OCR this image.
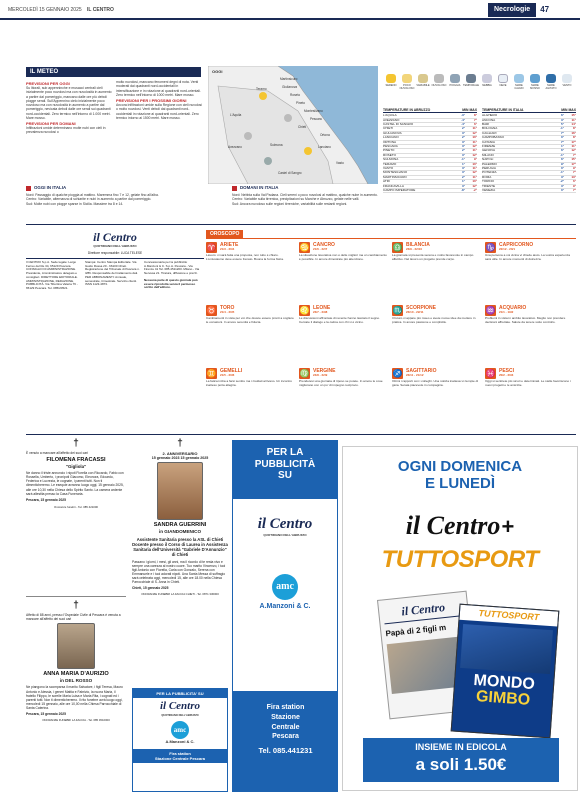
MERCOLEDÌ 15 GENNAIO 2025 IL CENTRO	Necrologie	47
IL METEO
PREVISIONI PER OGGI
Su litorali, sub appenninche e musacci centrali cieli inizialmente poco nuvolosi ma con nuvolosità in aumento a partire dal pomeriggio, mancano dalle ore più deboli piogge serali. Sull'Appennino cielo inizialmente poco nuvoloso ma con nuvolosità in aumento a partire dal pomeriggio, nevicata deboli dalle ore serali sui quadranti nord-occidentali. Zero termico nell'intorno di 1.000 metri. Mare mosso.
PREVISIONI PER DOMANI
Infiltrazioni umide determinano molte nubi con cieli in prevalenza nuvolosi o
molto nuvolosi, mancano fenomeni degni di nota. Venti moderati dai quadranti nord-occidentali in intensificazione e in rotazione ai quadranti nord-orientali. Zero termico nell'intorno di 1000 metri. Mare mosso.
PREVISIONI PER I PROSSIMI GIORNI
Ancora infiltrazioni umide sulla Regione con cieli nuvolosi o molto nuvolosi. Venti deboli dai quadranti nord-occidentali in rotazione ai quadranti nord-orientali. Zero termico intorno ai 1500 metri. Mare mosso.
OGGI
Martinsicuro
Giulianova
Teramo
Roseto
Pineto
Montesilvano
Pescara
Chieti
L'Aquila
Ortona
Sulmona	Lanciano
Vasto
Avezzano
Castel di Sangro
SERENO	POCO NUVOLOSO
VARIABILE NUVOLOSO PIOGGIA TEMPORALE NEBBIA	NEVE	MARE CALMO
MARE MOSSO
MARE AGITATO
VENTO
TEMPERATURE IN ABRUZZO	MIN MAX
L'AQUILA	-3°	8°
AVEZZANO	-4°	7°
CASTEL DI SANGRO	-4°	6°
CHIETI	2°	11°
GIULIANOVA	3°	12°
LANCIANO	2°	10°
ORTONA	3°	11°
PESCARA	3°	12°
PINETO	2°	11°
ROSETO	3°	12°
SULMONA	-1°	9°
TERAMO	1°	10°
VASTO	3°	11°
MONTESILVANO	3°	12°
MARTINSICURO	2°	11°
ATRI	1°	10°
FRANCAVILLA	3°	12°
CAMPO IMPERATORE	-8°	-2°
TEMPERATURE IN ITALIA	MIN MAX
ALGHERO	6°	15°
ANCONA	3°	11°
BARI	5°	14°
BOLOGNA	-1°	8°
CAGLIARI	7°	16°
CAMPOBASSO	0°	8°
CATANIA	7°	17°
FIRENZE	1°	11°
GENOVA	6°	12°
MILANO	-1°	7°
NAPOLI	6°	15°
PALERMO	9°	17°
PERUGIA	0°	9°
POTENZA	-1°	7°
ROMA	3°	13°
TORINO	-2°	6°
TRIESTE	3°	9°
VENEZIA	0°	7°
OGGI IN ITALIA
Nord: Passaggio di qualche pioggia al mattino. Maremma fino 7 e 12, gelate fino all'alba.
Centro: Variabile, alternanza di schiarite e nubi in aumento a partire dal pomeriggio.
Sud: Molte nubi con piogge sparse in Sicilia. Massime tra 8 e 14.
DOMANI IN ITALIA
Nord: Nebbia sulla Val Padana. Cieli sereni o poco nuvolosi al mattino, qualche nube in aumento.
Centro: Variabile sulla tirrenica, precipitazioni su Marche e Abruzzo, gelate nelle valli.
Sud: Ancora nuvoloso sulle regioni tirreniche, variabilità sulle restanti regioni.
il Centro
QUOTIDIANO DELL'ABRUZZO
Direttore responsabile: LUCA TELESE
Il CENTRO S.p.A. Sede legale: Largo Ferreo del Re 34, 65129 Pescara. CONSIGLIO DI AMMINISTRAZIONE. Presidente, Amministratore delegato e consiglieri. DIRETTORE EDITORIALE. AMMINISTRAZIONE, REDAZIONE, PUBBLICITÀ. Via Tiburtina Valeria 76 - 65129 Pescara. Tel. 085/20521.
Stampa: Centro Stampa Editoriale. Via Guido Rossa 20 - 66100 Chieti. Registrazione del Tribunale di Pescara n. 3/86. Responsabile del trattamento dati. PER ABBONAMENTI: Annuale, semestrale, trimestrale. Servizio clienti. ISSN 1123-4873.
Concessionaria per la pubblicità: A.Manzoni & C. S.p.A. Pescara - Via Firenze 41 Tel. 085.4511200. Milano - Via Nervesa 21. Tiratura, diffusione e prezzi.
Nessuna parte di questo giornale può essere riprodotta senza il permesso scritto dell'editore.
OROSCOPO
♈ ARIETE
21/3 - 20/4
Lavoro: vi sarà fatta una proposta, non tutto è chiaro. L'entusiasmo deve essere frenato. Buona la forma fisica.
♋ CANCRO
21/6 - 22/7
La situazione lavorativa non è delle migliori ma un cambiamento è possibile. In amore dimostrate più attenzione.
♎ BILANCIA
23/9 - 22/10
La giornata si presenta serena e molto favorevole in campo affettivo. Nel lavoro un progetto prende corpo.
♑ CAPRICORNO
22/12 - 20/1
Una persona a voi vicina vi chiede aiuto. La vostra esperienza sarà utile. In amore momenti di dolcezza.
♉ TORO
21/4 - 20/5
Cambiamenti in vista per voi che dovete essere pronti a cogliere le occasioni. In amore serenità e fiducia.
♌ LEONE
23/7 - 23/8
Le discussioni affrontate di recente hanno lasciato il segno. Cercate il dialogo e la calma con chi vi è vicino.
♏ SCORPIONE
23/10 - 22/11
Il futuro vi appare più roseo e avete nuove idee da mettere in pratica. In amore passione e complicità.
♒ ACQUARIO
21/1 - 19/2
Problemi in vista in ambito lavorativo. Meglio non prendere decisioni affrettate. Salute da tenere sotto controllo.
♊ GEMELLI
21/5 - 20/6
La fatica inizia a farsi sentire ma i risultati arrivano. Un incontro inatteso porta allegria.
♍ VERGINE
24/8 - 22/9
Prendetevi una giornata di riposo se potete. In amore le cose migliorano con un po' di impegno reciproco.
♐ SAGITTARIO
23/11 - 21/12
Ottimi i rapporti con i colleghi. Una notizia inattesa vi riempie di gioia. Serata piacevole in compagnia.
♓ PESCI
20/2 - 20/3
Oggi si sentirete più sicuri e determinati. Le stelle favoriscono i nuovi progetti e le amicizie.
†
È venuto a mancare all'affetto dei suoi cari
FILOMENA FRACASSI
"Gigliola"
Ne danno il triste annuncio i nipoti Fiorella con Riccardo, Fabio con Rossella, Umberto, i pronipoti Giacomo, Eleonora, Edoardo, Federica e Lucrezia, le cognate, i parenti tutti. Non ti dimenticheremo. Le esequie avranno luogo oggi, 15 gennaio 2025, alle ore 10,30 nella Chiesa dello Spirito Santo. La camera ardente sarà allestita presso la Casa Funeraria.
Pescara, 15 gennaio 2025
Onoranze funebri - Tel. 085 421000
†
Affetto di 88 anni, presso l'Ospedale Civile di Pescara è venuta a mancare all'affetto dei suoi cari
ANNA MARIA D'AURIZIO
in DEL ROSSO
Ne piangono la scomparsa il marito Salvatore, i figli Teresa, Mauro Antonio e Alessia, i generi Mattia e Fabrizio, la nuora Maria, il fratello Filippo, le sorelle Maria Luisa e Maria Rita, i cognati ed i parenti tutti. Non ti dimenticheremo. Il rito funebre avrà luogo oggi, mercoledì 15 gennaio, alle ore 10,00 nella Chiesa Parrocchiale di Santa Caterina.
Pescara, 15 gennaio 2025
ONORANZE FUNEBRI LA FACCIA - Tel. 085 4510000
†
2. ANNIVERSARIO
15 gennaio 2023 15 gennaio 2025
SANDRA GUERRINI
in GIANDOMENICO
Assistente Sanitaria presso la ASL di Chieti Docente presso il Corso di Laurea in Assistenza Sanitaria dell'Università "Gabriele D'Annunzio" di Chieti
Passano i giorni, i mesi, gli anni, ma il ricordo di te resta vivo e sempre una carezza al nostro cuore. Tuo marito Vincenzo, i tuoi figli Antonio con Fiorella, Carla con Gonzalo, Serena con Emmanuele e i tuoi adorati nipoti. Una Santa Messa di suffragio sarà celebrata oggi, mercoledì 15, alle ore 18.00 nella Chiesa Parrocchiale di S. Anna in Chieti.
Chieti, 15 gennaio 2025
ONORANZE FUNEBRI LA FACCIA CHIETI - Tel. 0871 330000
PER LA PUBBLICITA' SU
il Centro
QUOTIDIANO DELL'ABRUZZO
amc
A.Manzoni & C.
Fira station
Stazione Centrale Pescara
PER LA
PUBBLICITÀ
SU
il Centro
QUOTIDIANO DELL'ABRUZZO
amc
A.Manzoni & C.
Fira station
Stazione
Centrale
Pescara
Tel. 085.441231
OGNI DOMENICA
E LUNEDÌ
il Centro +
TUTTOSPORT
il Centro
Papà di 2 figli m
TUTTOSPORT
MONDO
GIMBO
INSIEME IN EDICOLA
a soli 1.50€
